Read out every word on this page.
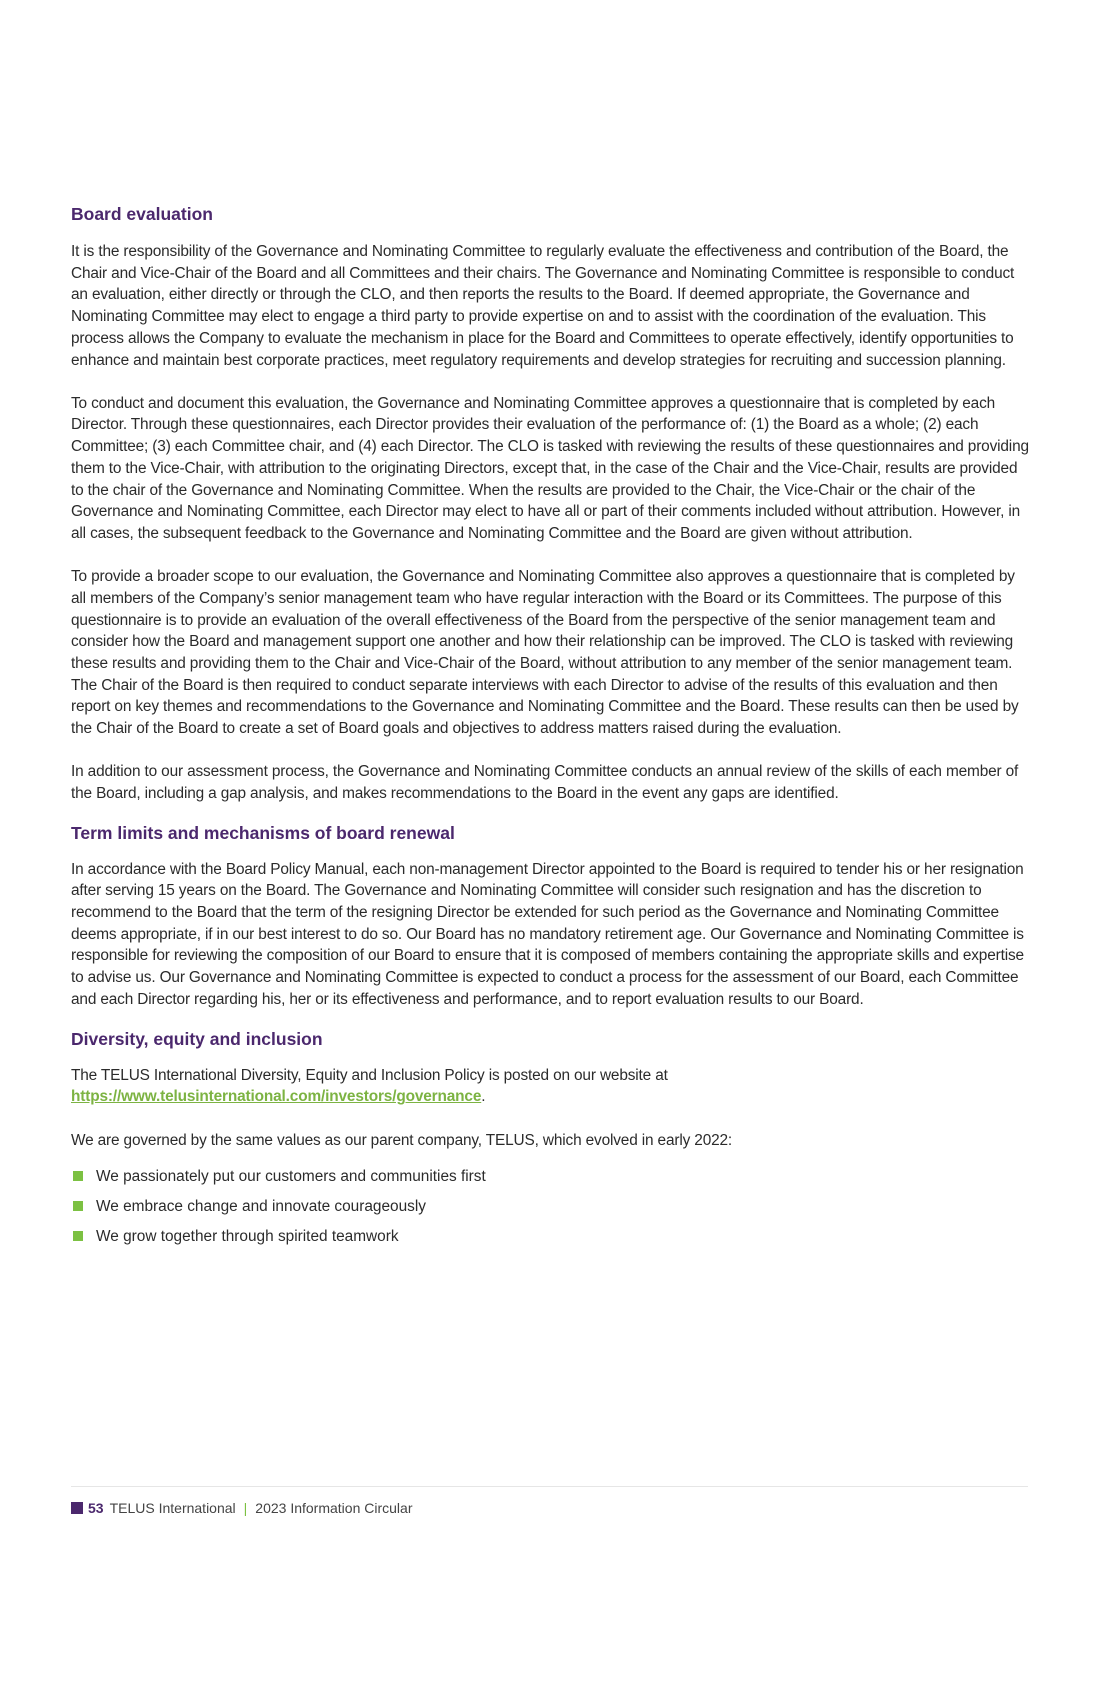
Board evaluation

It is the responsibility of the Governance and Nominating Committee to regularly evaluate the effectiveness and contribution of the Board, the Chair and Vice-Chair of the Board and all Committees and their chairs. The Governance and Nominating Committee is responsible to conduct an evaluation, either directly or through the CLO, and then reports the results to the Board. If deemed appropriate, the Governance and Nominating Committee may elect to engage a third party to provide expertise on and to assist with the coordination of the evaluation. This process allows the Company to evaluate the mechanism in place for the Board and Committees to operate effectively, identify opportunities to enhance and maintain best corporate practices, meet regulatory requirements and develop strategies for recruiting and succession planning.

To conduct and document this evaluation, the Governance and Nominating Committee approves a questionnaire that is completed by each Director. Through these questionnaires, each Director provides their evaluation of the performance of: (1) the Board as a whole; (2) each Committee; (3) each Committee chair, and (4) each Director. The CLO is tasked with reviewing the results of these questionnaires and providing them to the Vice-Chair, with attribution to the originating Directors, except that, in the case of the Chair and the Vice-Chair, results are provided to the chair of the Governance and Nominating Committee. When the results are provided to the Chair, the Vice-Chair or the chair of the Governance and Nominating Committee, each Director may elect to have all or part of their comments included without attribution. However, in all cases, the subsequent feedback to the Governance and Nominating Committee and the Board are given without attribution.

To provide a broader scope to our evaluation, the Governance and Nominating Committee also approves a questionnaire that is completed by all members of the Company’s senior management team who have regular interaction with the Board or its Committees. The purpose of this questionnaire is to provide an evaluation of the overall effectiveness of the Board from the perspective of the senior management team and consider how the Board and management support one another and how their relationship can be improved. The CLO is tasked with reviewing these results and providing them to the Chair and Vice-Chair of the Board, without attribution to any member of the senior management team. The Chair of the Board is then required to conduct separate interviews with each Director to advise of the results of this evaluation and then report on key themes and recommendations to the Governance and Nominating Committee and the Board. These results can then be used by the Chair of the Board to create a set of Board goals and objectives to address matters raised during the evaluation.

In addition to our assessment process, the Governance and Nominating Committee conducts an annual review of the skills of each member of the Board, including a gap analysis, and makes recommendations to the Board in the event any gaps are identified.

Term limits and mechanisms of board renewal

In accordance with the Board Policy Manual, each non-management Director appointed to the Board is required to tender his or her resignation after serving 15 years on the Board. The Governance and Nominating Committee will consider such resignation and has the discretion to recommend to the Board that the term of the resigning Director be extended for such period as the Governance and Nominating Committee deems appropriate, if in our best interest to do so. Our Board has no mandatory retirement age. Our Governance and Nominating Committee is responsible for reviewing the composition of our Board to ensure that it is composed of members containing the appropriate skills and expertise to advise us. Our Governance and Nominating Committee is expected to conduct a process for the assessment of our Board, each Committee and each Director regarding his, her or its effectiveness and performance, and to report evaluation results to our Board.

Diversity, equity and inclusion

The TELUS International Diversity, Equity and Inclusion Policy is posted on our website at
https://www.telusinternational.com/investors/governance.

We are governed by the same values as our parent company, TELUS, which evolved in early 2022:

We passionately put our customers and communities first
We embrace change and innovate courageously
We grow together through spirited teamwork
53 TELUS International | 2023 Information Circular
